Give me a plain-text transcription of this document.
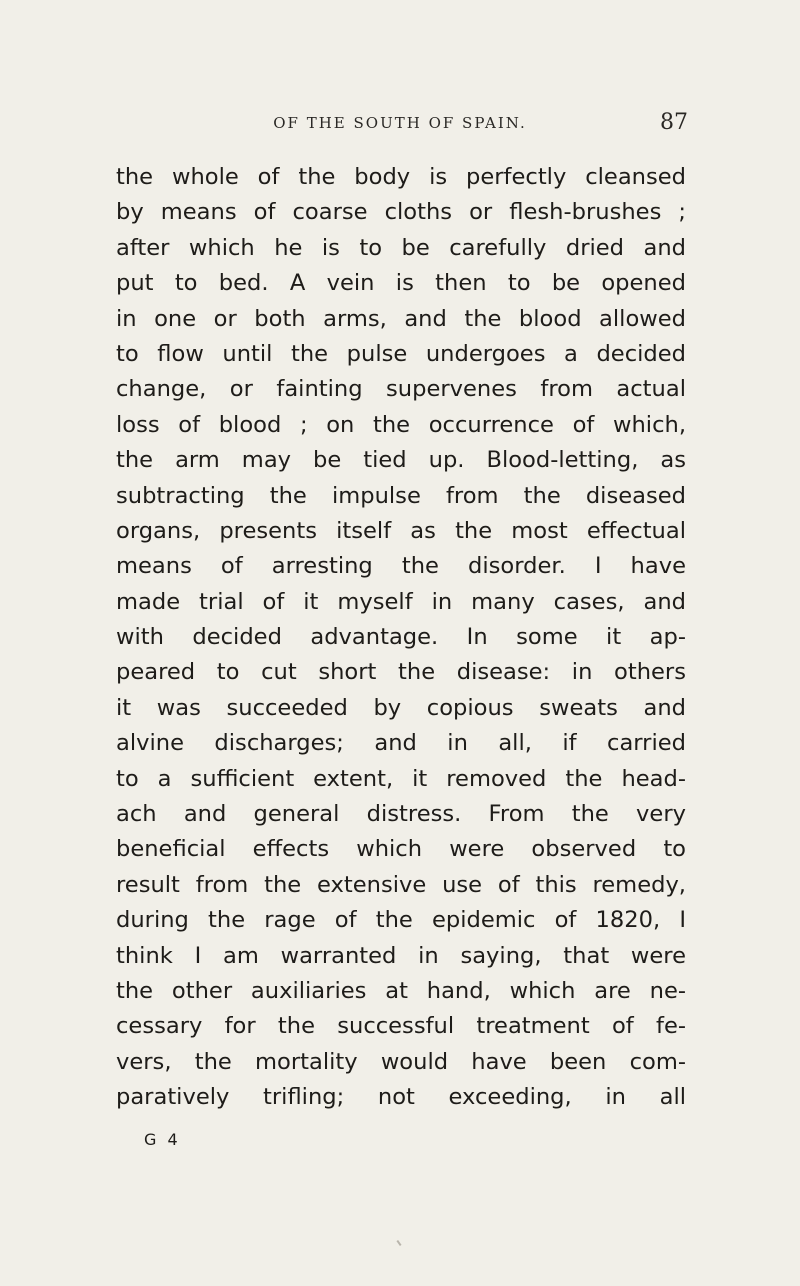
OF THE SOUTH OF SPAIN.	87
the whole of the body is perfectly cleansed
by means of coarse cloths or flesh-brushes ;
after which he is to be carefully dried and
put to bed. A vein is then to be opened
in one or both arms, and the blood allowed
to flow until the pulse undergoes a decided
change, or fainting supervenes from actual
loss of blood ; on the occurrence of which,
the arm may be tied up. Blood-letting, as
subtracting the impulse from the diseased
organs, presents itself as the most effectual
means of arresting the disorder. I have
made trial of it myself in many cases, and
with decided advantage. In some it ap-
peared to cut short the disease: in others
it was succeeded by copious sweats and
alvine discharges; and in all, if carried
to a sufficient extent, it removed the head-
ach and general distress. From the very
beneficial effects which were observed to
result from the extensive use of this remedy,
during the rage of the epidemic of 1820, I
think I am warranted in saying, that were
the other auxiliaries at hand, which are ne-
cessary for the successful treatment of fe-
vers, the mortality would have been com-
paratively trifling; not exceeding, in all
G 4
